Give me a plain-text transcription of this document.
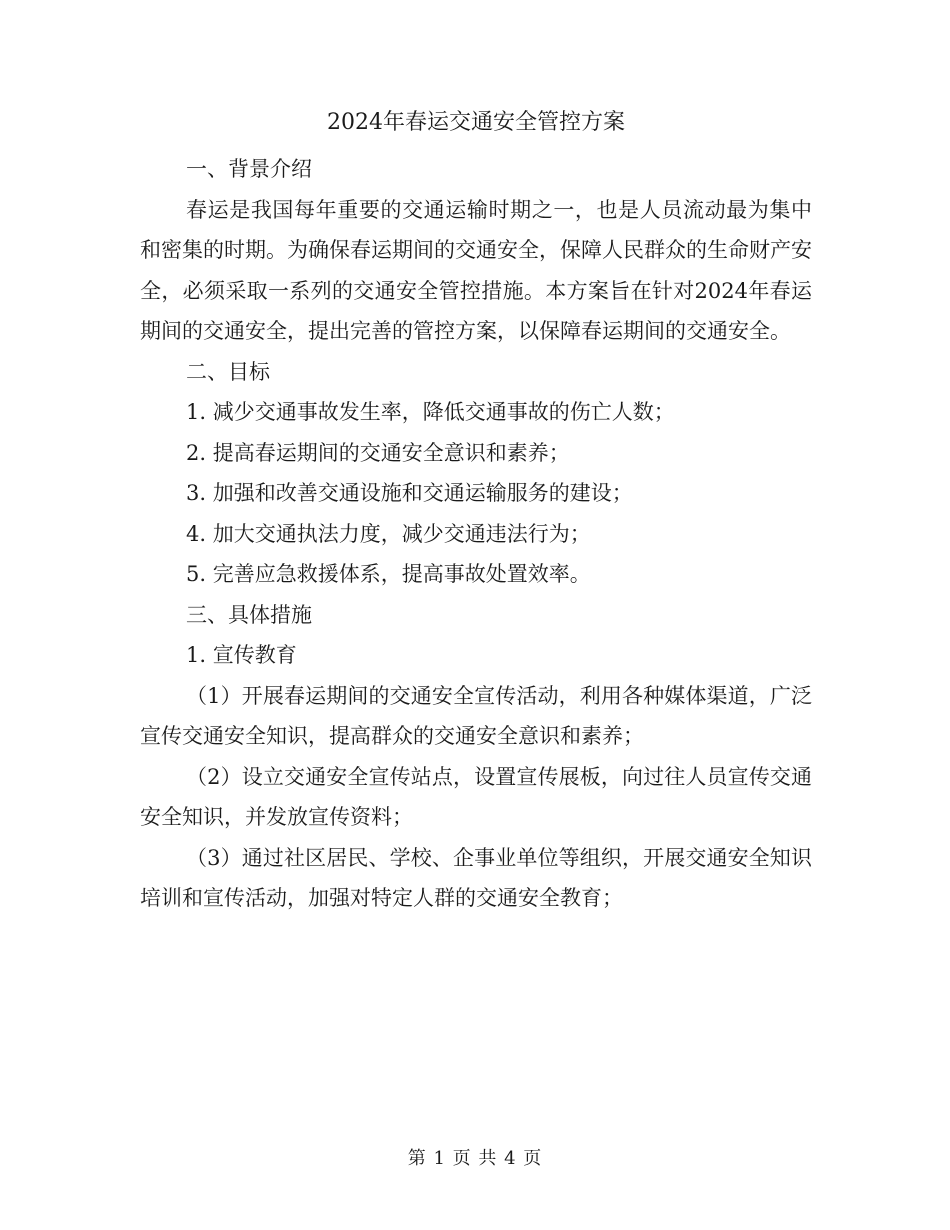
2024年春运交通安全管控方案

一、背景介绍

春运是我国每年重要的交通运输时期之一，也是人员流动最为集中和密集的时期。为确保春运期间的交通安全，保障人民群众的生命财产安全，必须采取一系列的交通安全管控措施。本方案旨在针对2024年春运期间的交通安全，提出完善的管控方案，以保障春运期间的交通安全。

二、目标

1. 减少交通事故发生率，降低交通事故的伤亡人数；

2. 提高春运期间的交通安全意识和素养；

3. 加强和改善交通设施和交通运输服务的建设；

4. 加大交通执法力度，减少交通违法行为；

5. 完善应急救援体系，提高事故处置效率。

三、具体措施

1. 宣传教育

（1）开展春运期间的交通安全宣传活动，利用各种媒体渠道，广泛宣传交通安全知识，提高群众的交通安全意识和素养；

（2）设立交通安全宣传站点，设置宣传展板，向过往人员宣传交通安全知识，并发放宣传资料；

（3）通过社区居民、学校、企事业单位等组织，开展交通安全知识培训和宣传活动，加强对特定人群的交通安全教育；

第 1 页 共 4 页
